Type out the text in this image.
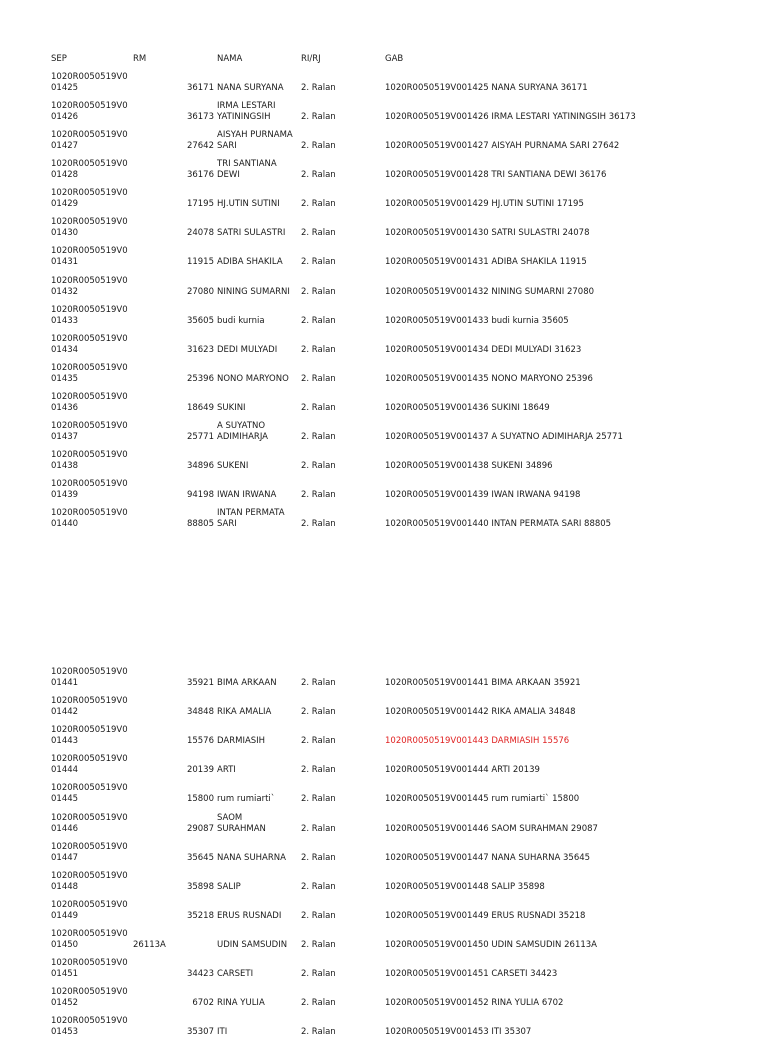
SEP	RM	NAMA	RI/RJ	GAB
1020R0050519V0
01425	36171 NANA SURYANA 2. Ralan	1020R0050519V001425 NANA SURYANA 36171
1020R0050519V0
01426	36173
IRMA LESTARI
YATININGSIH	2. Ralan	1020R0050519V001426 IRMA LESTARI YATININGSIH 36173
1020R0050519V0
01427	27642
AISYAH PURNAMA
SARI	2. Ralan	1020R0050519V001427 AISYAH PURNAMA SARI 27642
1020R0050519V0
01428	36176
TRI SANTIANA
DEWI	2. Ralan	1020R0050519V001428 TRI SANTIANA DEWI 36176
1020R0050519V0
01429	17195 HJ.UTIN SUTINI 2. Ralan	1020R0050519V001429 HJ.UTIN SUTINI 17195
1020R0050519V0
01430	24078 SATRI SULASTRI 2. Ralan	1020R0050519V001430 SATRI SULASTRI 24078
1020R0050519V0
01431	11915 ADIBA SHAKILA 2. Ralan	1020R0050519V001431 ADIBA SHAKILA 11915
1020R0050519V0
01432	27080 NINING SUMARNI 2. Ralan	1020R0050519V001432 NINING SUMARNI 27080
1020R0050519V0
01433	35605 budi kurnia	2. Ralan	1020R0050519V001433 budi kurnia 35605
1020R0050519V0
01434	31623 DEDI MULYADI	2. Ralan	1020R0050519V001434 DEDI MULYADI 31623
1020R0050519V0
01435	25396 NONO MARYONO 2. Ralan	1020R0050519V001435 NONO MARYONO 25396
1020R0050519V0
01436	18649 SUKINI	2. Ralan	1020R0050519V001436 SUKINI 18649
1020R0050519V0
01437	25771
A SUYATNO
ADIMIHARJA	2. Ralan	1020R0050519V001437 A SUYATNO ADIMIHARJA 25771
1020R0050519V0
01438	34896 SUKENI	2. Ralan	1020R0050519V001438 SUKENI 34896
1020R0050519V0
01439	94198 IWAN IRWANA	2. Ralan	1020R0050519V001439 IWAN IRWANA 94198
1020R0050519V0
01440	88805
INTAN PERMATA
SARI	2. Ralan	1020R0050519V001440 INTAN PERMATA SARI 88805
1020R0050519V0
01441	35921 BIMA ARKAAN	2. Ralan	1020R0050519V001441 BIMA ARKAAN 35921
1020R0050519V0
01442	34848 RIKA AMALIA	2. Ralan	1020R0050519V001442 RIKA AMALIA 34848
1020R0050519V0
01443	15576 DARMIASIH	2. Ralan	1020R0050519V001443 DARMIASIH 15576
1020R0050519V0
01444	20139 ARTI	2. Ralan	1020R0050519V001444 ARTI 20139
1020R0050519V0
01445	15800 rum rumiarti`	2. Ralan	1020R0050519V001445 rum rumiarti` 15800
1020R0050519V0
01446	29087
SAOM
SURAHMAN	2. Ralan	1020R0050519V001446 SAOM SURAHMAN 29087
1020R0050519V0
01447	35645 NANA SUHARNA 2. Ralan	1020R0050519V001447 NANA SUHARNA 35645
1020R0050519V0
01448	35898 SALIP	2. Ralan	1020R0050519V001448 SALIP 35898
1020R0050519V0
01449	35218 ERUS RUSNADI 2. Ralan	1020R0050519V001449 ERUS RUSNADI 35218
1020R0050519V0
01450	26113A	UDIN SAMSUDIN 2. Ralan	1020R0050519V001450 UDIN SAMSUDIN 26113A
1020R0050519V0
01451	34423 CARSETI	2. Ralan	1020R0050519V001451 CARSETI 34423
1020R0050519V0
01452	6702 RINA YULIA	2. Ralan	1020R0050519V001452 RINA YULIA 6702
1020R0050519V0
01453	35307 ITI	2. Ralan	1020R0050519V001453 ITI 35307
